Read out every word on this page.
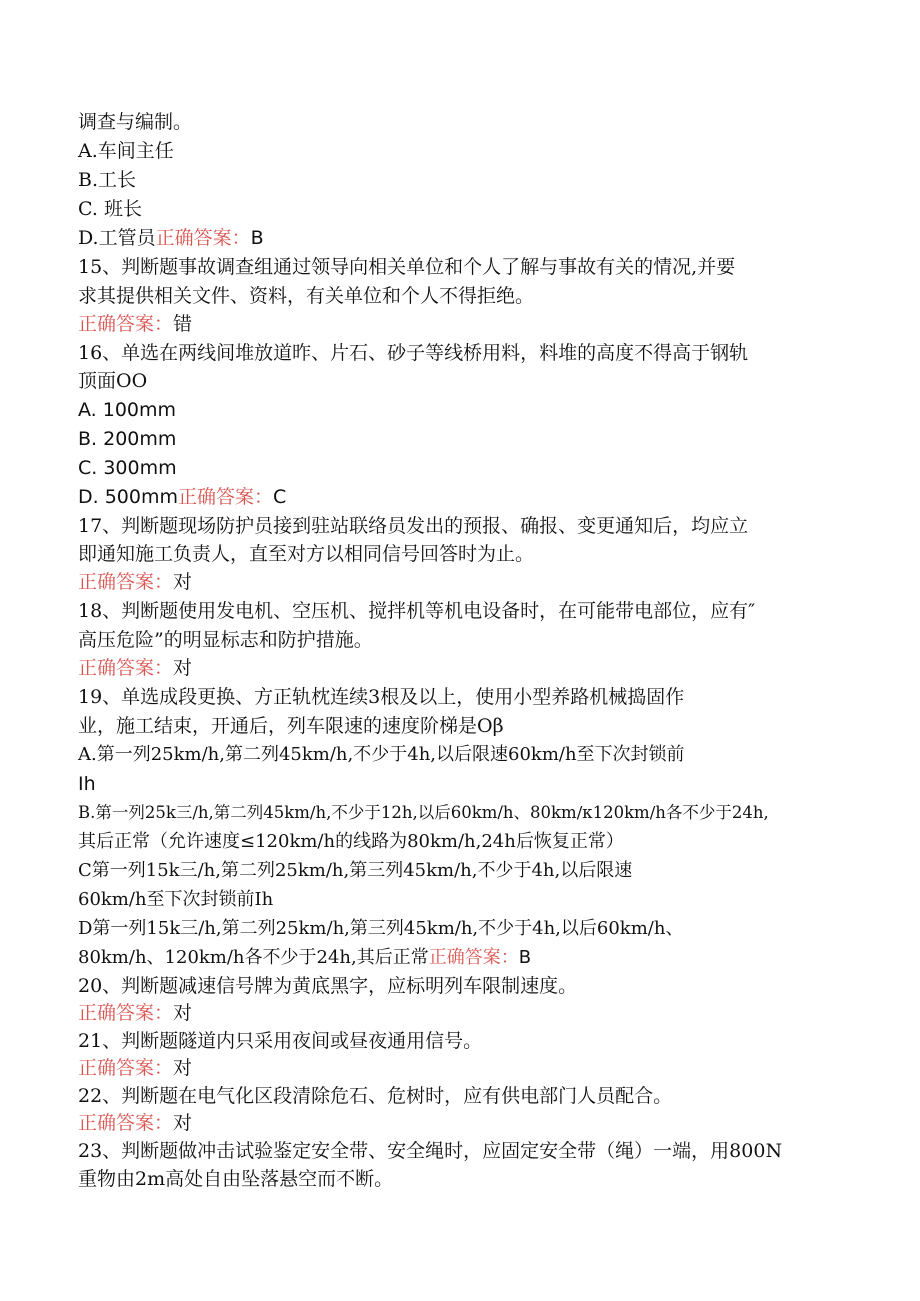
调查与编制。
A.车间主任
B.工长
C. 班长
D.工管员正确答案：B
15、判断题事故调查组通过领导向相关单位和个人了解与事故有关的情况,并要
求其提供相关文件、资料，有关单位和个人不得拒绝。
正确答案：错
16、单选在两线间堆放道昨、片石、砂子等线桥用料，料堆的高度不得高于钢轨
顶面OO
A. 100mm
B. 200mm
C. 300mm
D. 500mm正确答案：C
17、判断题现场防护员接到驻站联络员发出的预报、确报、变更通知后，均应立
即通知施工负责人，直至对方以相同信号回答时为止。
正确答案：对
18、判断题使用发电机、空压机、搅拌机等机电设备时，在可能带电部位，应有″
高压危险”的明显标志和防护措施。
正确答案：对
19、单选成段更换、方正轨枕连续3根及以上，使用小型养路机械捣固作
业，施工结束，开通后，列车限速的速度阶梯是Oβ
A.第一列25km∕h,第二列45km∕h,不少于4h,以后限速60km∕h至下次封锁前
Ih
B.第一列25k三∕h,第二列45km∕h,不少于12h,以后60km/h、80km∕κ120km∕h各不少于24h,
其后正常（允许速度≤120km∕h的线路为80km∕h,24h后恢复正常）
C第一列15k三∕h,第二列25km∕h,第三列45km∕h,不少于4h,以后限速
60km∕h至下次封锁前Ih
D第一列15k三∕h,第二列25km∕h,第三列45km∕h,不少于4h,以后60km/h、
80km/h、120km∕h各不少于24h,其后正常正确答案：B
20、判断题减速信号牌为黄底黑字，应标明列车限制速度。
正确答案：对
21、判断题隧道内只采用夜间或昼夜通用信号。
正确答案：对
22、判断题在电气化区段清除危石、危树时，应有供电部门人员配合。
正确答案：对
23、判断题做冲击试验鉴定安全带、安全绳时，应固定安全带（绳）一端，用800N
重物由2m高处自由坠落悬空而不断。
